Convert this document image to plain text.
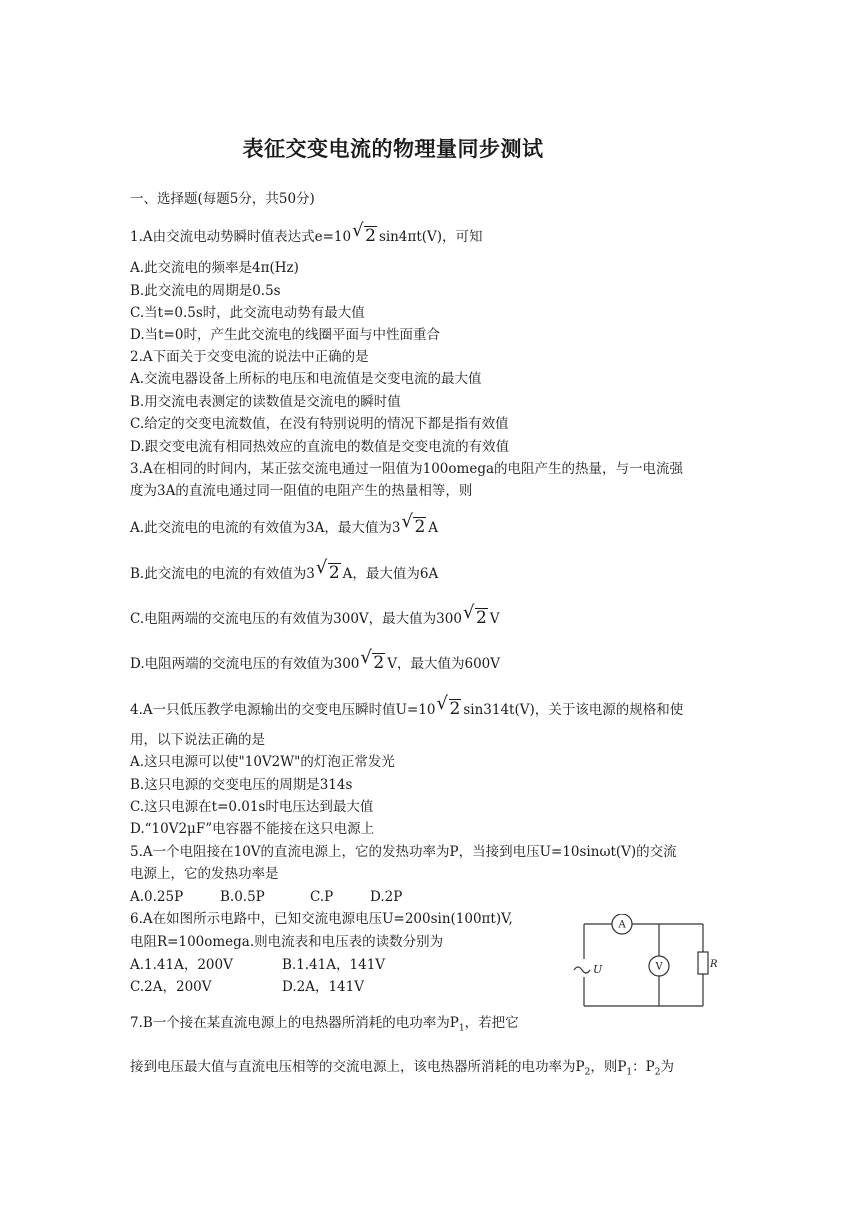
表征交变电流的物理量同步测试
一、选择题(每题5分，共50分)
1.A由交流电动势瞬时值表达式e=10 √ 2 sin4πt(V)，可知
A.此交流电的频率是4π(Hz)
B.此交流电的周期是0.5s
C.当t=0.5s时，此交流电动势有最大值
D.当t=0时，产生此交流电的线圈平面与中性面重合
2.A下面关于交变电流的说法中正确的是
A.交流电器设备上所标的电压和电流值是交变电流的最大值
B.用交流电表测定的读数值是交流电的瞬时值
C.给定的交变电流数值，在没有特别说明的情况下都是指有效值
D.跟交变电流有相同热效应的直流电的数值是交变电流的有效值
3.A在相同的时间内，某正弦交流电通过一阻值为100omega的电阻产生的热量，与一电流强
度为3A的直流电通过同一阻值的电阻产生的热量相等，则
A.此交流电的电流的有效值为3A，最大值为3 √ 2 A
B.此交流电的电流的有效值为3 √ 2 A，最大值为6A
C.电阻两端的交流电压的有效值为300V，最大值为300 √ 2 V
D.电阻两端的交流电压的有效值为300 √ 2 V，最大值为600V
4.A一只低压教学电源输出的交变电压瞬时值U=10 √ 2 sin314t(V)，关于该电源的规格和使
用，以下说法正确的是
A.这只电源可以使"10V2W"的灯泡正常发光
B.这只电源的交变电压的周期是314s
C.这只电源在t=0.01s时电压达到最大值
D.“10V2μF”电容器不能接在这只电源上
5.A一个电阻接在10V的直流电源上，它的发热功率为P，当接到电压U=10sinωt(V)的交流
电源上，它的发热功率是
A.0.25P	B.0.5P	C.P	D.2P
6.A在如图所示电路中，已知交流电源电压U=200sin(100πt)V,
电阻R=100omega.则电流表和电压表的读数分别为
A.1.41A，200V	B.1.41A，141V
C.2A，200V	D.2A，141V
A
V
U	R
7.B一个接在某直流电源上的电热器所消耗的电功率为$P_1$，若把它
接到电压最大值与直流电压相等的交流电源上，该电热器所消耗的电功率为$P_2$，则$P_1$：$P_2$为
